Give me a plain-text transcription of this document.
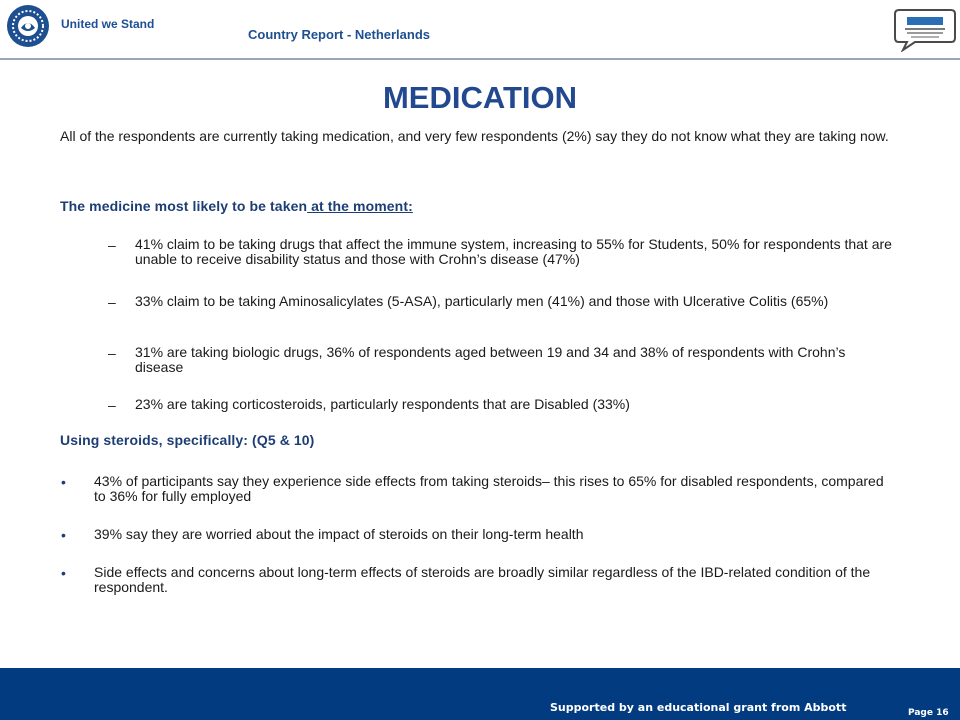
United we Stand
Country Report - Netherlands
MEDICATION
All of the respondents are currently taking medication, and very few respondents (2%) say they do not know what they are taking now.
The medicine most likely to be taken at the moment:
– 41% claim to be taking drugs that affect the immune system, increasing to 55% for Students, 50% for respondents that are unable to receive disability status and those with Crohn’s disease (47%)
– 33% claim to be taking Aminosalicylates (5-ASA), particularly men (41%) and those with Ulcerative Colitis (65%)
– 31% are taking biologic drugs, 36% of respondents aged between 19 and 34 and 38% of respondents with Crohn’s disease
– 23% are taking corticosteroids, particularly respondents that are Disabled (33%)
Using steroids, specifically: (Q5 & 10)
• 43% of participants say they experience side effects from taking steroids– this rises to 65% for disabled respondents, compared to 36% for fully employed
• 39% say they are worried about the impact of steroids on their long-term health
• Side effects and concerns about long-term effects of steroids are broadly similar regardless of the IBD-related condition of the respondent.
Supported by an educational grant from Abbott	Page 16
